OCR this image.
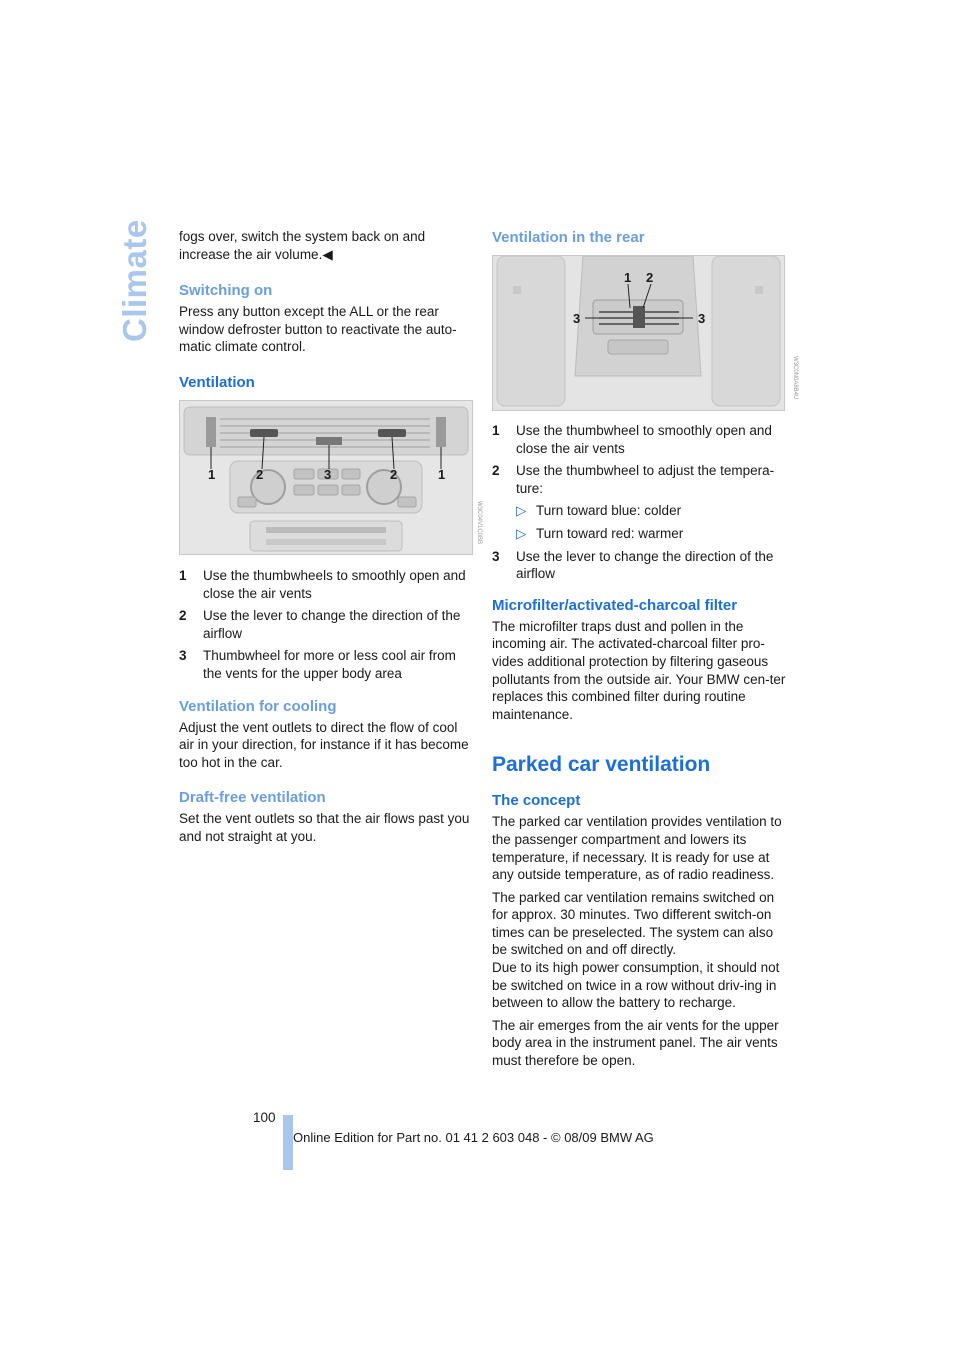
Climate fogs over, switch the system back on and increase the air volume.◀

Switching on

Press any button except the ALL or the rear window defroster button to reactivate the auto-matic climate control.

Ventilation
1	2	3	2	1
W3C04V1C0BB
1	Use the thumbwheels to smoothly open and close the air vents
2	Use the lever to change the direction of the airflow
3	Thumbwheel for more or less cool air from the vents for the upper body area
Ventilation for cooling

Adjust the vent outlets to direct the flow of cool air in your direction, for instance if it has become too hot in the car.

Draft-free ventilation

Set the vent outlets so that the air flows past you and not straight at you.

Ventilation in the rear
1 2
3	3
W3C0N0A8B4U
1	Use the thumbwheel to smoothly open and close the air vents
2	Use the thumbwheel to adjust the tempera-ture:
▷ Turn toward blue: colder
▷ Turn toward red: warmer
3	Use the lever to change the direction of the airflow
Microfilter/activated-charcoal filter

The microfilter traps dust and pollen in the incoming air. The activated-charcoal filter pro-vides additional protection by filtering gaseous pollutants from the outside air. Your BMW cen-ter replaces this combined filter during routine maintenance.

Parked car ventilation
The concept

The parked car ventilation provides ventilation to the passenger compartment and lowers its temperature, if necessary. It is ready for use at any outside temperature, as of radio readiness.

The parked car ventilation remains switched on for approx. 30 minutes. Two different switch-on times can be preselected. The system can also be switched on and off directly.

Due to its high power consumption, it should not be switched on twice in a row without driv-ing in between to allow the battery to recharge.

The air emerges from the air vents for the upper body area in the instrument panel. The air vents must therefore be open.

100
Online Edition for Part no. 01 41 2 603 048 - © 08/09 BMW AG
